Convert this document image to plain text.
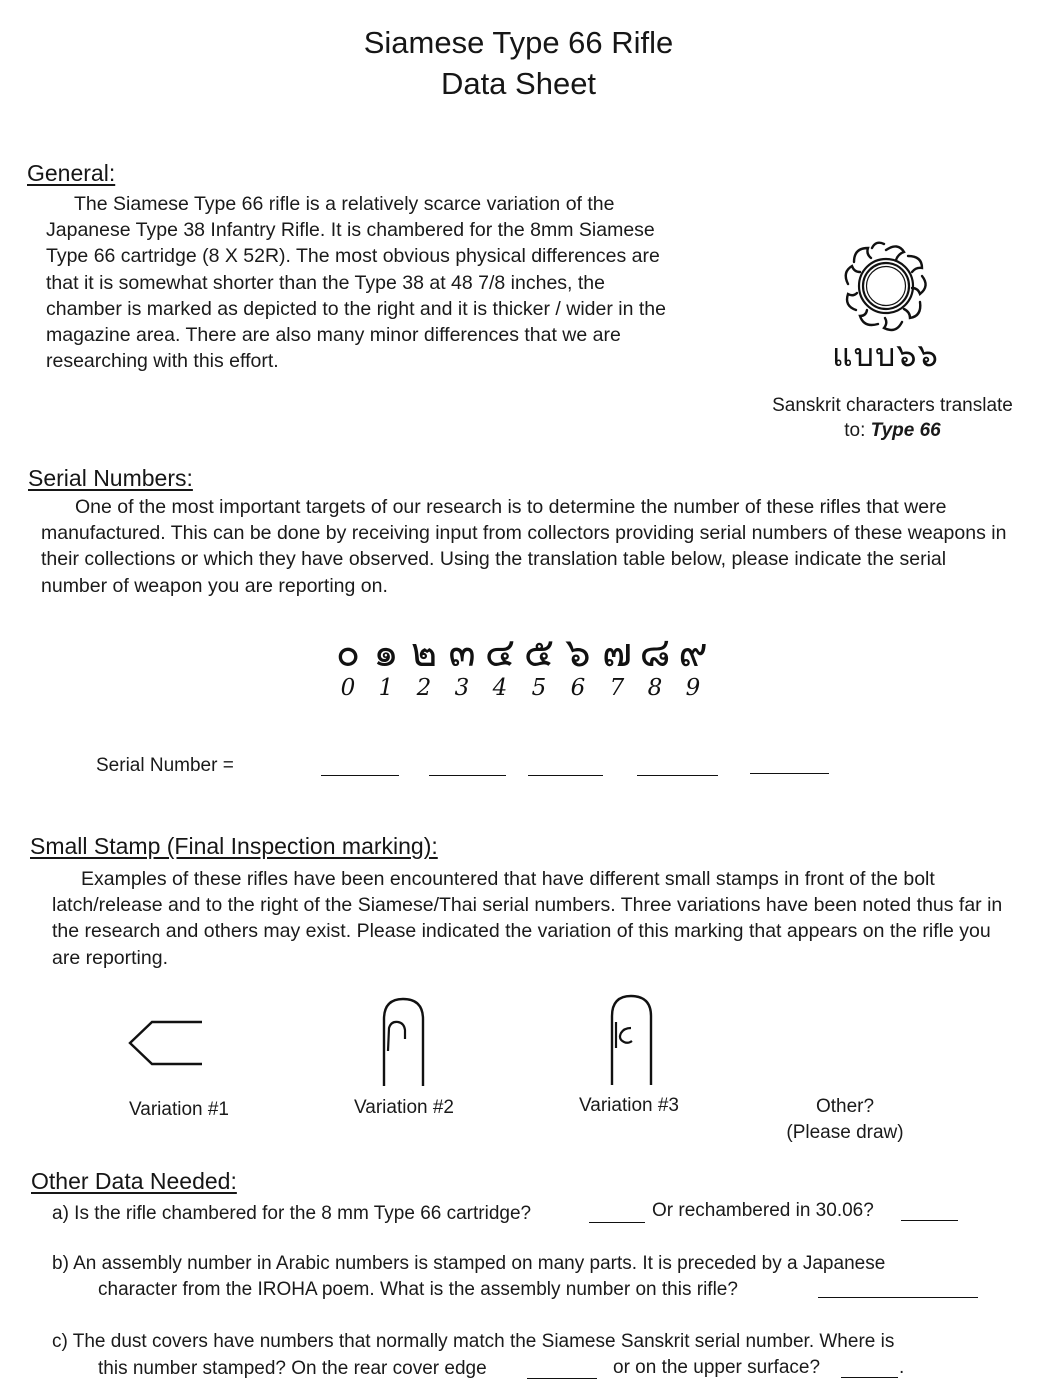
Siamese Type 66 Rifle
Data Sheet
General:

The Siamese Type 66 rifle is a relatively scarce variation of the Japanese Type 38 Infantry Rifle. It is chambered for the 8mm Siamese Type 66 cartridge (8 X 52R). The most obvious physical differences are that it is somewhat shorter than the Type 38 at 48 7/8 inches, the chamber is marked as depicted to the right and it is thicker / wider in the magazine area. There are also many minor differences that we are researching with this effort.	แบบ๖๖
Sanskrit characters translate
to: Type 66
Serial Numbers:

One of the most important targets of our research is to determine the number of these rifles that were manufactured. This can be done by receiving input from collectors providing serial numbers of these weapons in their collections or which they have observed. Using the translation table below, please indicate the serial number of weapon you are reporting on.

๐ ๑ ๒ ๓ ๔ ๕ ๖ ๗ ๘ ๙
0	1	2	3	4	5	6	7	8	9
Serial Number =
Small Stamp (Final Inspection marking):

Examples of these rifles have been encountered that have different small stamps in front of the bolt latch/release and to the right of the Siamese/Thai serial numbers. Three variations have been noted thus far in the research and others may exist. Please indicated the variation of this marking that appears on the rifle you are reporting.

Variation #1	Variation #2	Variation #3	Other?
(Please draw)
Other Data Needed:
a) Is the rifle chambered for the 8 mm Type 66 cartridge?	Or rechambered in 30.06?

b) An assembly number in Arabic numbers is stamped on many parts. It is preceded by a Japanese

character from the IROHA poem. What is the assembly number on this rifle?

c) The dust covers have numbers that normally match the Siamese Sanskrit serial number. Where is

this number stamped? On the rear cover edge	or on the upper surface?	.
